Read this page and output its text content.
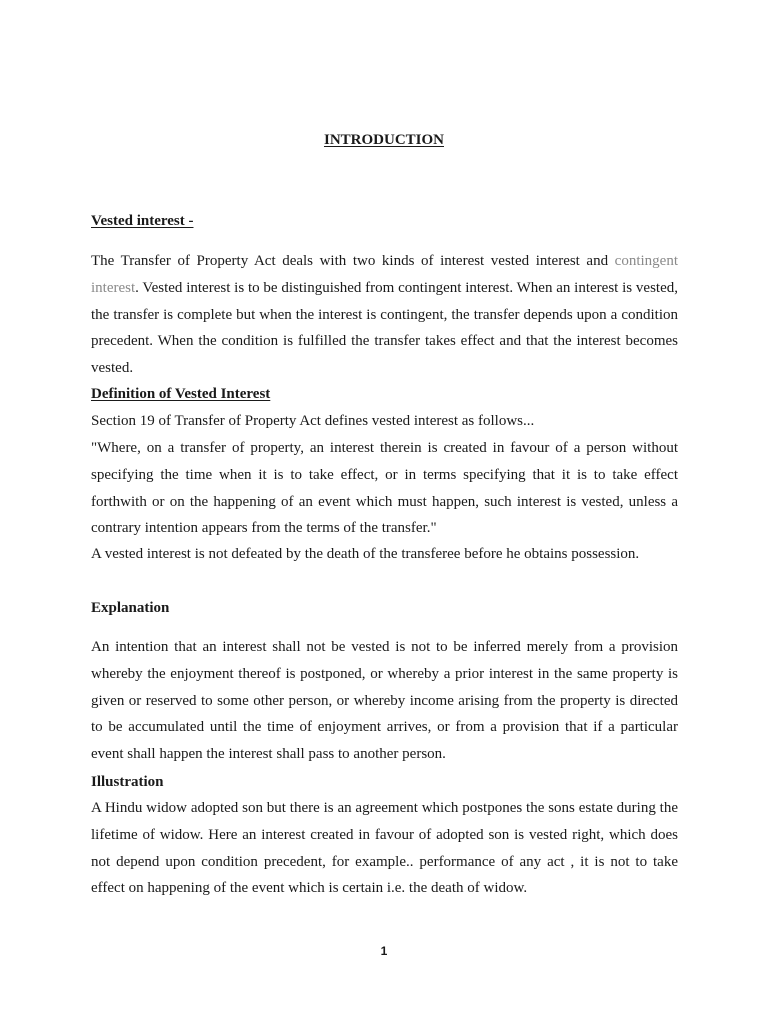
INTRODUCTION

Vested interest -

The Transfer of Property Act deals with two kinds of interest vested interest and contingent interest. Vested interest is to be distinguished from contingent interest. When an interest is vested, the transfer is complete but when the interest is contingent, the transfer depends upon a condition precedent. When the condition is fulfilled the transfer takes effect and that the interest becomes vested.

Definition of Vested Interest

Section 19 of Transfer of Property Act defines vested interest as follows...

"Where, on a transfer of property, an interest therein is created in favour of a person without specifying the time when it is to take effect, or in terms specifying that it is to take effect forthwith or on the happening of an event which must happen, such interest is vested, unless a contrary intention appears from the terms of the transfer."

A vested interest is not defeated by the death of the transferee before he obtains possession.

Explanation

An intention that an interest shall not be vested is not to be inferred merely from a provision whereby the enjoyment thereof is postponed, or whereby a prior interest in the same property is given or reserved to some other person, or whereby income arising from the property is directed to be accumulated until the time of enjoyment arrives, or from a provision that if a particular event shall happen the interest shall pass to another person.

Illustration

A Hindu widow adopted son but there is an agreement which postpones the sons estate during the lifetime of widow. Here an interest created in favour of adopted son is vested right, which does not depend upon condition precedent, for example.. performance of any act , it is not to take effect on happening of the event which is certain i.e. the death of widow.

1
